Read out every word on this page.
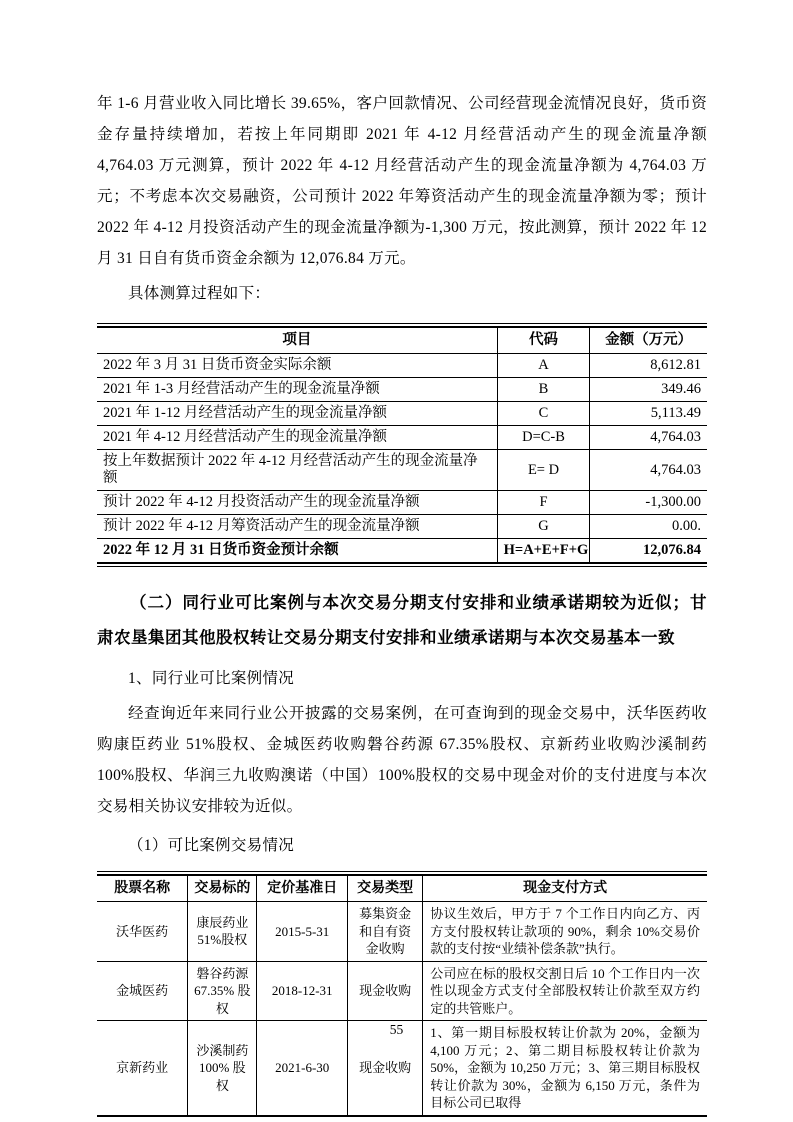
年 1-6 月营业收入同比增长 39.65%，客户回款情况、公司经营现金流情况良好，货币资金存量持续增加，若按上年同期即 2021 年 4-12 月经营活动产生的现金流量净额 4,764.03 万元测算，预计 2022 年 4-12 月经营活动产生的现金流量净额为 4,764.03 万元；不考虑本次交易融资，公司预计 2022 年筹资活动产生的现金流量净额为零；预计 2022 年 4-12 月投资活动产生的现金流量净额为-1,300 万元，按此测算，预计 2022 年 12 月 31 日自有货币资金余额为 12,076.84 万元。

具体测算过程如下：

项目	代码	金额（万元）
2022 年 3 月 31 日货币资金实际余额	A	8,612.81
2021 年 1-3 月经营活动产生的现金流量净额	B	349.46
2021 年 1-12 月经营活动产生的现金流量净额	C	5,113.49
2021 年 4-12 月经营活动产生的现金流量净额	D=C-B	4,764.03
按上年数据预计 2022 年 4-12 月经营活动产生的现金流量净额	E= D	4,764.03
预计 2022 年 4-12 月投资活动产生的现金流量净额	F	-1,300.00
预计 2022 年 4-12 月筹资活动产生的现金流量净额	G	0.00.
2022 年 12 月 31 日货币资金预计余额	H=A+E+F+G	12,076.84
（二）同行业可比案例与本次交易分期支付安排和业绩承诺期较为近似；甘肃农垦集团其他股权转让交易分期支付安排和业绩承诺期与本次交易基本一致

1、同行业可比案例情况

经查询近年来同行业公开披露的交易案例，在可查询到的现金交易中，沃华医药收购康臣药业 51%股权、金城医药收购磐谷药源 67.35%股权、京新药业收购沙溪制药 100%股权、华润三九收购澳诺（中国）100%股权的交易中现金对价的支付进度与本次交易相关协议安排较为近似。

（1）可比案例交易情况

股票名称	交易标的	定价基准日	交易类型	现金支付方式
沃华医药	康辰药业 51%股权	2015-5-31	募集资金和自有资金收购	协议生效后，甲方于 7 个工作日内向乙方、丙方支付股权转让款项的 90%，剩余 10%交易价款的支付按“业绩补偿条款”执行。
金城医药	磐谷药源 67.35% 股权	2018-12-31	现金收购	公司应在标的股权交割日后 10 个工作日内一次性以现金方式支付全部股权转让价款至双方约定的共管账户。
京新药业	沙溪制药 100% 股权	2021-6-30	现金收购	1、第一期目标股权转让价款为 20%，金额为 4,100 万元；2、第二期目标股权转让价款为 50%，金额为 10,250 万元；3、第三期目标股权转让价款为 30%，金额为 6,150 万元，条件为目标公司已取得
55
